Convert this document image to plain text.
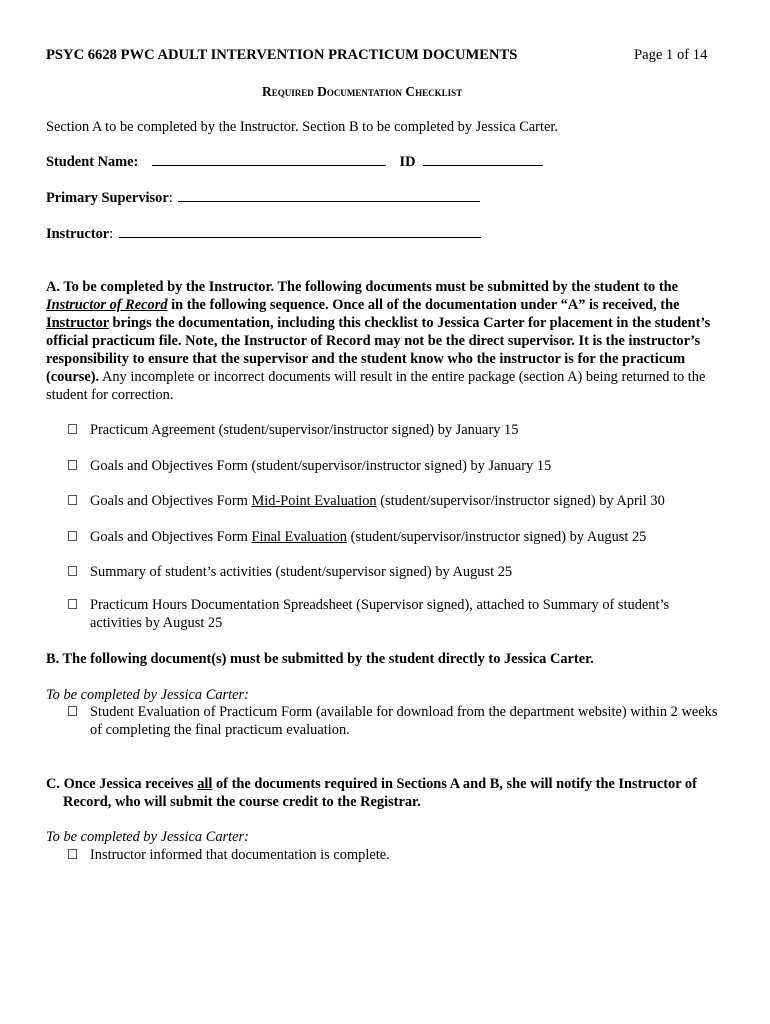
PSYC 6628 PWC ADULT INTERVENTION PRACTICUM DOCUMENTS	Page 1 of 14
Required Documentation Checklist
Section A to be completed by the Instructor. Section B to be completed by Jessica Carter.
Student Name:	ID
Primary Supervisor:
Instructor:
A. To be completed by the Instructor. The following documents must be submitted by the student to the Instructor of Record in the following sequence. Once all of the documentation under “A” is received, the Instructor brings the documentation, including this checklist to Jessica Carter for placement in the student’s official practicum file. Note, the Instructor of Record may not be the direct supervisor. It is the instructor’s responsibility to ensure that the supervisor and the student know who the instructor is for the practicum (course). Any incomplete or incorrect documents will result in the entire package (section A) being returned to the student for correction.
Practicum Agreement (student/supervisor/instructor signed) by January 15
Goals and Objectives Form (student/supervisor/instructor signed) by January 15
Goals and Objectives Form Mid-Point Evaluation (student/supervisor/instructor signed) by April 30
Goals and Objectives Form Final Evaluation (student/supervisor/instructor signed) by August 25
Summary of student’s activities (student/supervisor signed) by August 25
Practicum Hours Documentation Spreadsheet (Supervisor signed), attached to Summary of student’s activities by August 25
B. The following document(s) must be submitted by the student directly to Jessica Carter.
To be completed by Jessica Carter:
Student Evaluation of Practicum Form (available for download from the department website) within 2 weeks of completing the final practicum evaluation.
C. Once Jessica receives all of the documents required in Sections A and B, she will notify the Instructor of
Record, who will submit the course credit to the Registrar.
To be completed by Jessica Carter:
Instructor informed that documentation is complete.
